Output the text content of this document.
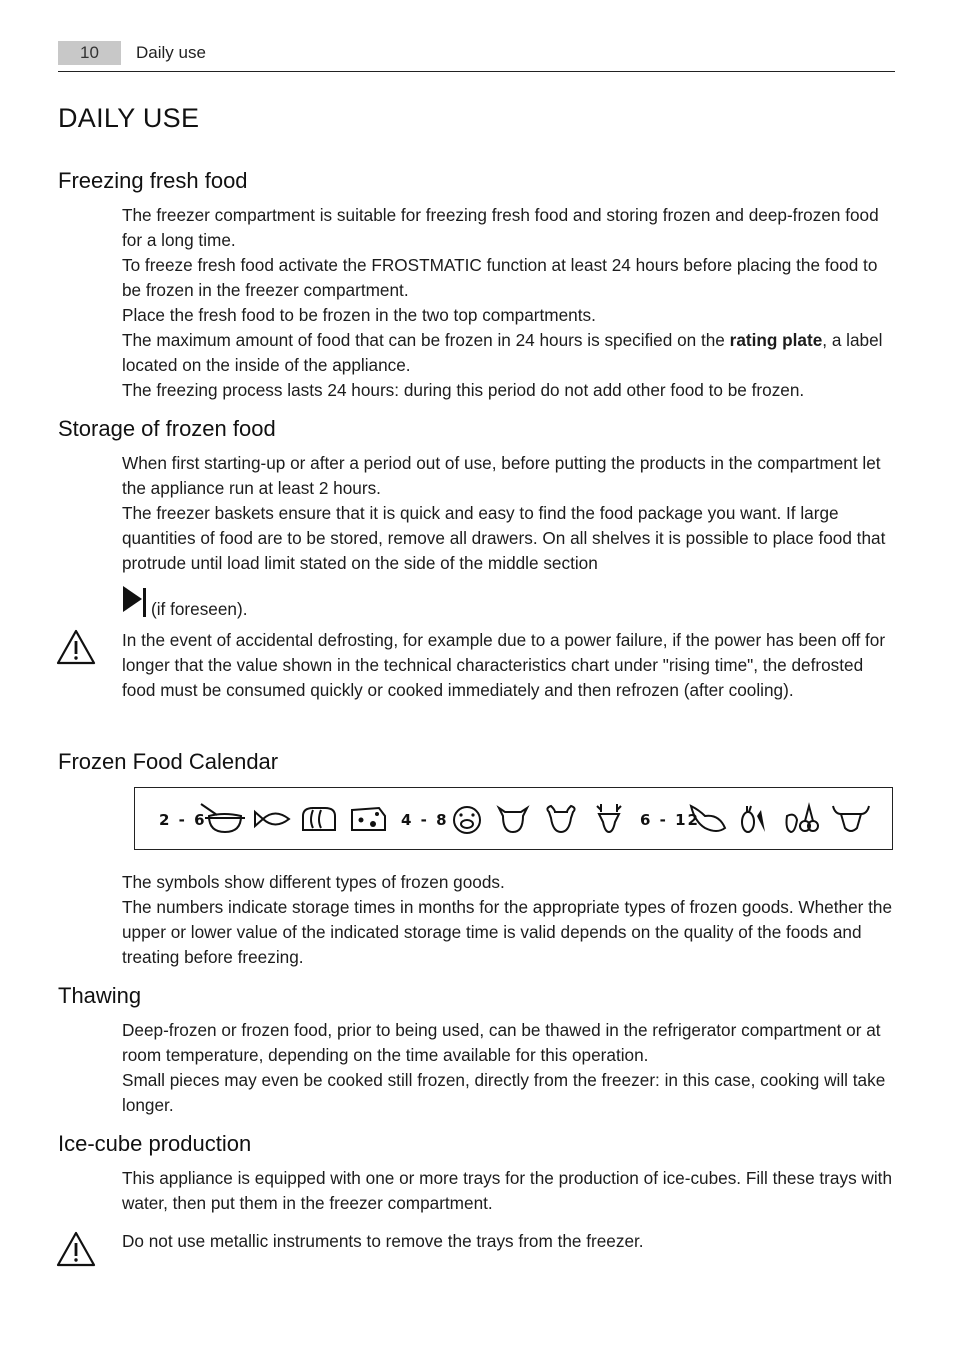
10	Daily use
DAILY USE
Freezing fresh food

The freezer compartment is suitable for freezing fresh food and storing frozen and deep-frozen food for a long time.

To freeze fresh food activate the FROSTMATIC function at least 24 hours before placing the food to be frozen in the freezer compartment.

Place the fresh food to be frozen in the two top compartments.

The maximum amount of food that can be frozen in 24 hours is specified on the rating plate, a label located on the inside of the appliance.

The freezing process lasts 24 hours: during this period do not add other food to be frozen.

Storage of frozen food

When first starting-up or after a period out of use, before putting the products in the compartment let the appliance run at least 2 hours.

The freezer baskets ensure that it is quick and easy to find the food package you want. If large quantities of food are to be stored, remove all drawers. On all shelves it is possible to place food that protrude until load limit stated on the side of the middle section

(if foreseen).

In the event of accidental defrosting, for example due to a power failure, if the power has been off for longer that the value shown in the technical characteristics chart under "rising time", the defrosted food must be consumed quickly or cooked immediately and then refrozen (after cooling).
Frozen Food Calendar
2 - 6	4 - 8	6 - 12

The symbols show different types of frozen goods.

The numbers indicate storage times in months for the appropriate types of frozen goods. Whether the upper or lower value of the indicated storage time is valid depends on the quality of the foods and treating before freezing.

Thawing

Deep-frozen or frozen food, prior to being used, can be thawed in the refrigerator compartment or at room temperature, depending on the time available for this operation.

Small pieces may even be cooked still frozen, directly from the freezer: in this case, cooking will take longer.

Ice-cube production

This appliance is equipped with one or more trays for the production of ice-cubes. Fill these trays with water, then put them in the freezer compartment.

Do not use metallic instruments to remove the trays from the freezer.
